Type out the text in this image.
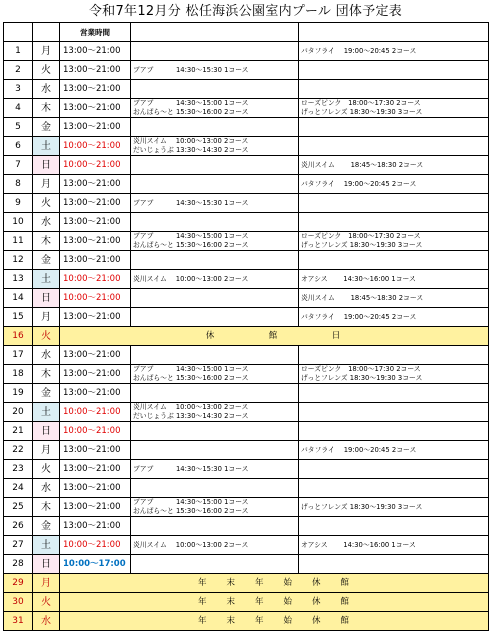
令和7年12月分 松任海浜公園室内プール 団体予定表
		営業時間		
1	月	13:00～21:00		バタフライ　 19:00～20:45 2コース

2	火	13:00～21:00	ブアブ　　　 14:30～15:30 1コース	

3	水	13:00～21:00		
4	木	13:00～21:00	ブアブ　　　 14:30～15:00 1コース
おんぱら～と 15:30～16:00 2コース	ローズピンク　18:00～17:30 2コース
げっとフレンズ 18:30～19:30 3コース

5	金	13:00～21:00		
6	土	10:00～21:00	炎川スイム　 10:00～13:00 2コース
だいじょうぶ 13:30～14:30 2コース	

7	日	10:00～21:00		炎川スイム　　 18:45～18:30 2コース

8	月	13:00～21:00		バタフライ　 19:00～20:45 2コース

9	火	13:00～21:00	ブアブ　　　 14:30～15:30 1コース	

10	水	13:00～21:00		
11	木	13:00～21:00	ブアブ　　　 14:30～15:00 1コース
おんぱら～と 15:30～16:00 2コース	ローズピンク　18:00～17:30 2コース
げっとフレンズ 18:30～19:30 3コース

12	金	13:00～21:00		
13	土	10:00～21:00	炎川スイム　 10:00～13:00 2コース	オアシス　　 14:30～16:00 1コース

14	日	10:00～21:00		炎川スイム　　 18:45～18:30 2コース

15	月	13:00～21:00		バタフライ　 19:00～20:45 2コース

16	火	休　　　　　館　　　　　日		
17	水	13:00～21:00		
18	木	13:00～21:00	ブアブ　　　 14:30～15:00 1コース
おんぱら～と 15:30～16:00 2コース	ローズピンク　18:00～17:30 2コース
げっとフレンズ 18:30～19:30 3コース

19	金	13:00～21:00		
20	土	10:00～21:00	炎川スイム　 10:00～13:00 2コース
だいじょうぶ 13:30～14:30 2コース	

21	日	10:00～21:00		
22	月	13:00～21:00		バタフライ　 19:00～20:45 2コース

23	火	13:00～21:00	ブアブ　　　 14:30～15:30 1コース	

24	水	13:00～21:00		
25	木	13:00～21:00	ブアブ　　　 14:30～15:00 1コース
おんぱら～と 15:30～16:00 2コース	げっとフレンズ 18:30～19:30 3コース

26	金	13:00～21:00		
27	土	10:00～21:00	炎川スイム　 10:00～13:00 2コース	オアシス　　 14:30～16:00 1コース

28	日	10:00～17:00		
29	月	年　　末　　年　　始　　休　　館		
30	火	年　　末　　年　　始　　休　　館		
31	水	年　　末　　年　　始　　休　　館		
